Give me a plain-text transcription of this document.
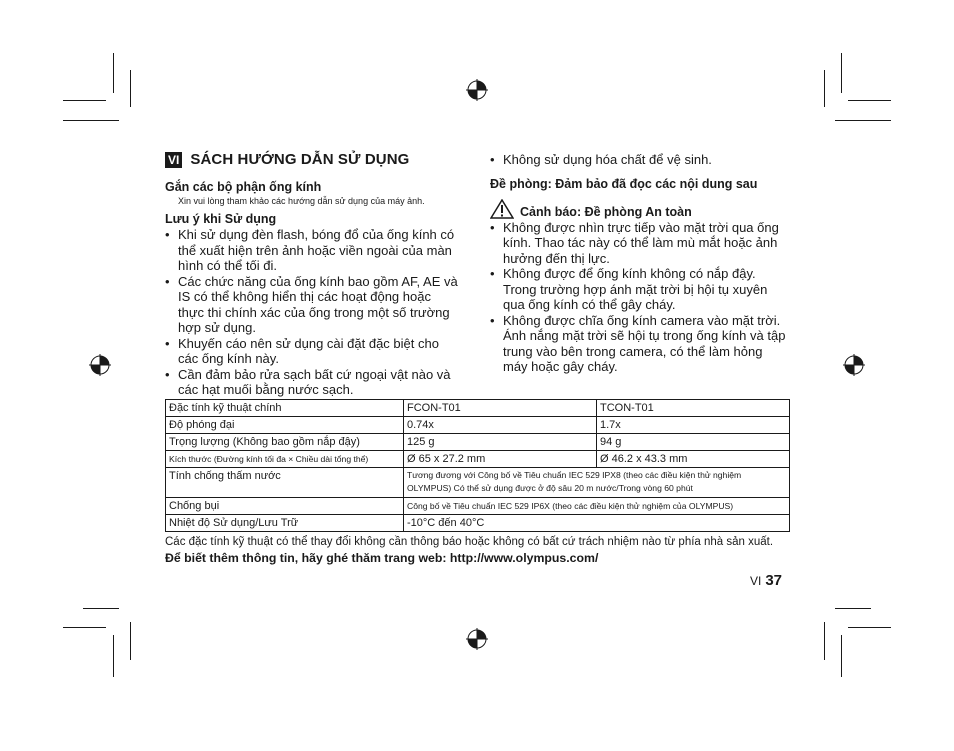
VI SÁCH HƯỚNG DẪN SỬ DỤNG
Gắn các bộ phận ống kính
Xin vui lòng tham khảo các hướng dẫn sử dụng của máy ảnh.
Lưu ý khi Sử dụng
• Khi sử dụng đèn flash, bóng đổ của ống kính có thể xuất hiện trên ảnh hoặc viền ngoài của màn hình có thể tối đi.
• Các chức năng của ống kính bao gồm AF, AE và IS có thể không hiển thị các hoạt động hoặc thực thi chính xác của ống trong một số trường hợp sử dụng.
• Khuyến cáo nên sử dụng cài đặt đặc biệt cho các ống kính này.
• Cần đảm bảo rửa sạch bất cứ ngoại vật nào và các hạt muối bằng nước sạch.
• Không sử dụng hóa chất để vệ sinh.
Đề phòng: Đảm bảo đã đọc các nội dung sau
Cảnh báo: Đề phòng An toàn
• Không được nhìn trực tiếp vào mặt trời qua ống kính. Thao tác này có thể làm mù mắt hoặc ảnh hưởng đến thị lực.
• Không được để ống kính không có nắp đậy. Trong trường hợp ánh mặt trời bị hội tụ xuyên qua ống kính có thể gây cháy.
• Không được chĩa ống kính camera vào mặt trời. Ánh nắng mặt trời sẽ hội tụ trong ống kính và tập trung vào bên trong camera, có thể làm hỏng máy hoặc gây cháy.
Đặc tính kỹ thuật chính	FCON-T01	TCON-T01
Độ phóng đại	0.74x	1.7x
Trọng lượng (Không bao gồm nắp đậy)	125 g	94 g
Kích thước (Đường kính tối đa × Chiều dài tổng thể)	Ø 65 x 27.2 mm	Ø 46.2 x 43.3 mm
Tính chống thấm nước	Tương đương với Công bố về Tiêu chuẩn IEC 529 IPX8 (theo các điều kiện thử nghiệm OLYMPUS) Có thể sử dụng được ở độ sâu 20 m nước/Trong vòng 60 phút	
Chống bụi	Công bố về Tiêu chuẩn IEC 529 IP6X (theo các điều kiện thử nghiệm của OLYMPUS)	
Nhiệt độ Sử dụng/Lưu Trữ	-10°C đến 40°C	
Các đặc tính kỹ thuật có thể thay đổi không cần thông báo hoặc không có bất cứ trách nhiệm nào từ phía nhà sản xuất.
Để biết thêm thông tin, hãy ghé thăm trang web: http://www.olympus.com/
VI 37
